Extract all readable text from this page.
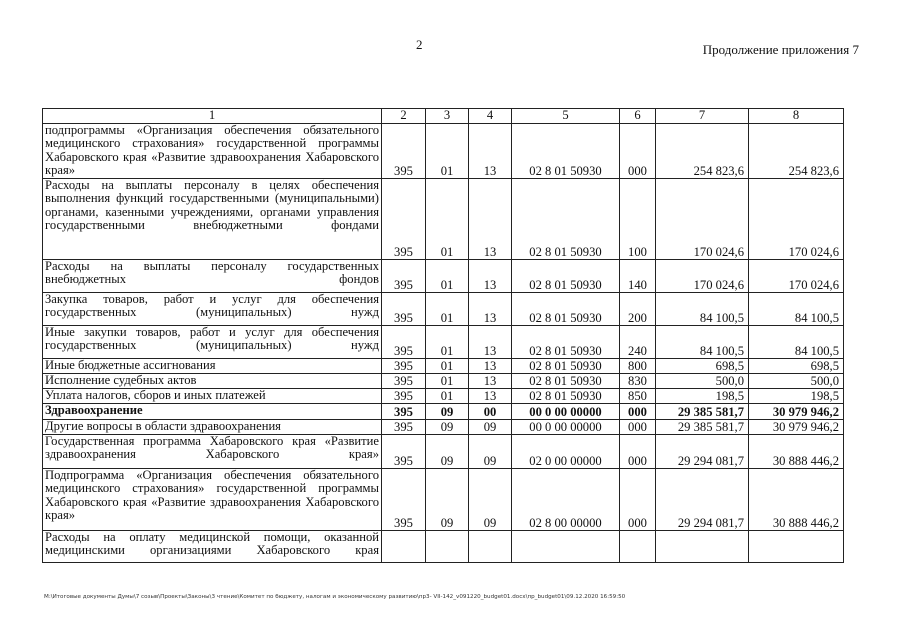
2	Продолжение приложения 7
1	2	3	4	5	6	7	8
подпрограммы «Организация обеспечения обязательного медицинского страхования» государственной программы Хабаровского края «Развитие здравоохранения Хабаровского края»	395	01	13	02 8 01 50930	000	254 823,6	254 823,6
Расходы на выплаты персоналу в целях обеспечения выполнения функций государственными (муниципальными) органами, казенными учреждениями, органами управления государственными внебюджетными фондами	395	01	13	02 8 01 50930	100	170 024,6	170 024,6
Расходы на выплаты персоналу государственных внебюджетных фондов	395	01	13	02 8 01 50930	140	170 024,6	170 024,6
Закупка товаров, работ и услуг для обеспечения государственных (муниципальных) нужд	395	01	13	02 8 01 50930	200	84 100,5	84 100,5
Иные закупки товаров, работ и услуг для обеспечения государственных (муниципальных) нужд	395	01	13	02 8 01 50930	240	84 100,5	84 100,5
Иные бюджетные ассигнования	395	01	13	02 8 01 50930	800	698,5	698,5
Исполнение судебных актов	395	01	13	02 8 01 50930	830	500,0	500,0
Уплата налогов, сборов и иных платежей	395	01	13	02 8 01 50930	850	198,5	198,5
Здравоохранение	395	09	00	00 0 00 00000	000	29 385 581,7	30 979 946,2
Другие вопросы в области здравоохранения	395	09	09	00 0 00 00000	000	29 385 581,7	30 979 946,2
Государственная программа Хабаровского края «Развитие здравоохранения Хабаровского края»	395	09	09	02 0 00 00000	000	29 294 081,7	30 888 446,2
Подпрограмма «Организация обеспечения обязательного медицинского страхования» государственной программы Хабаровского края «Развитие здравоохранения Хабаровского края»	395	09	09	02 8 00 00000	000	29 294 081,7	30 888 446,2
Расходы на оплату медицинской помощи, оказанной медицинскими организациями Хабаровского края							
М:\Итоговые документы Думы\7 созыв\Проекты\Законы\3 чтение\Комитет по бюджету, налогам и экономическому развитию\пр3- VII-142_v091220_budget01.docx\пр_budget01\09.12.2020 16:59:50
